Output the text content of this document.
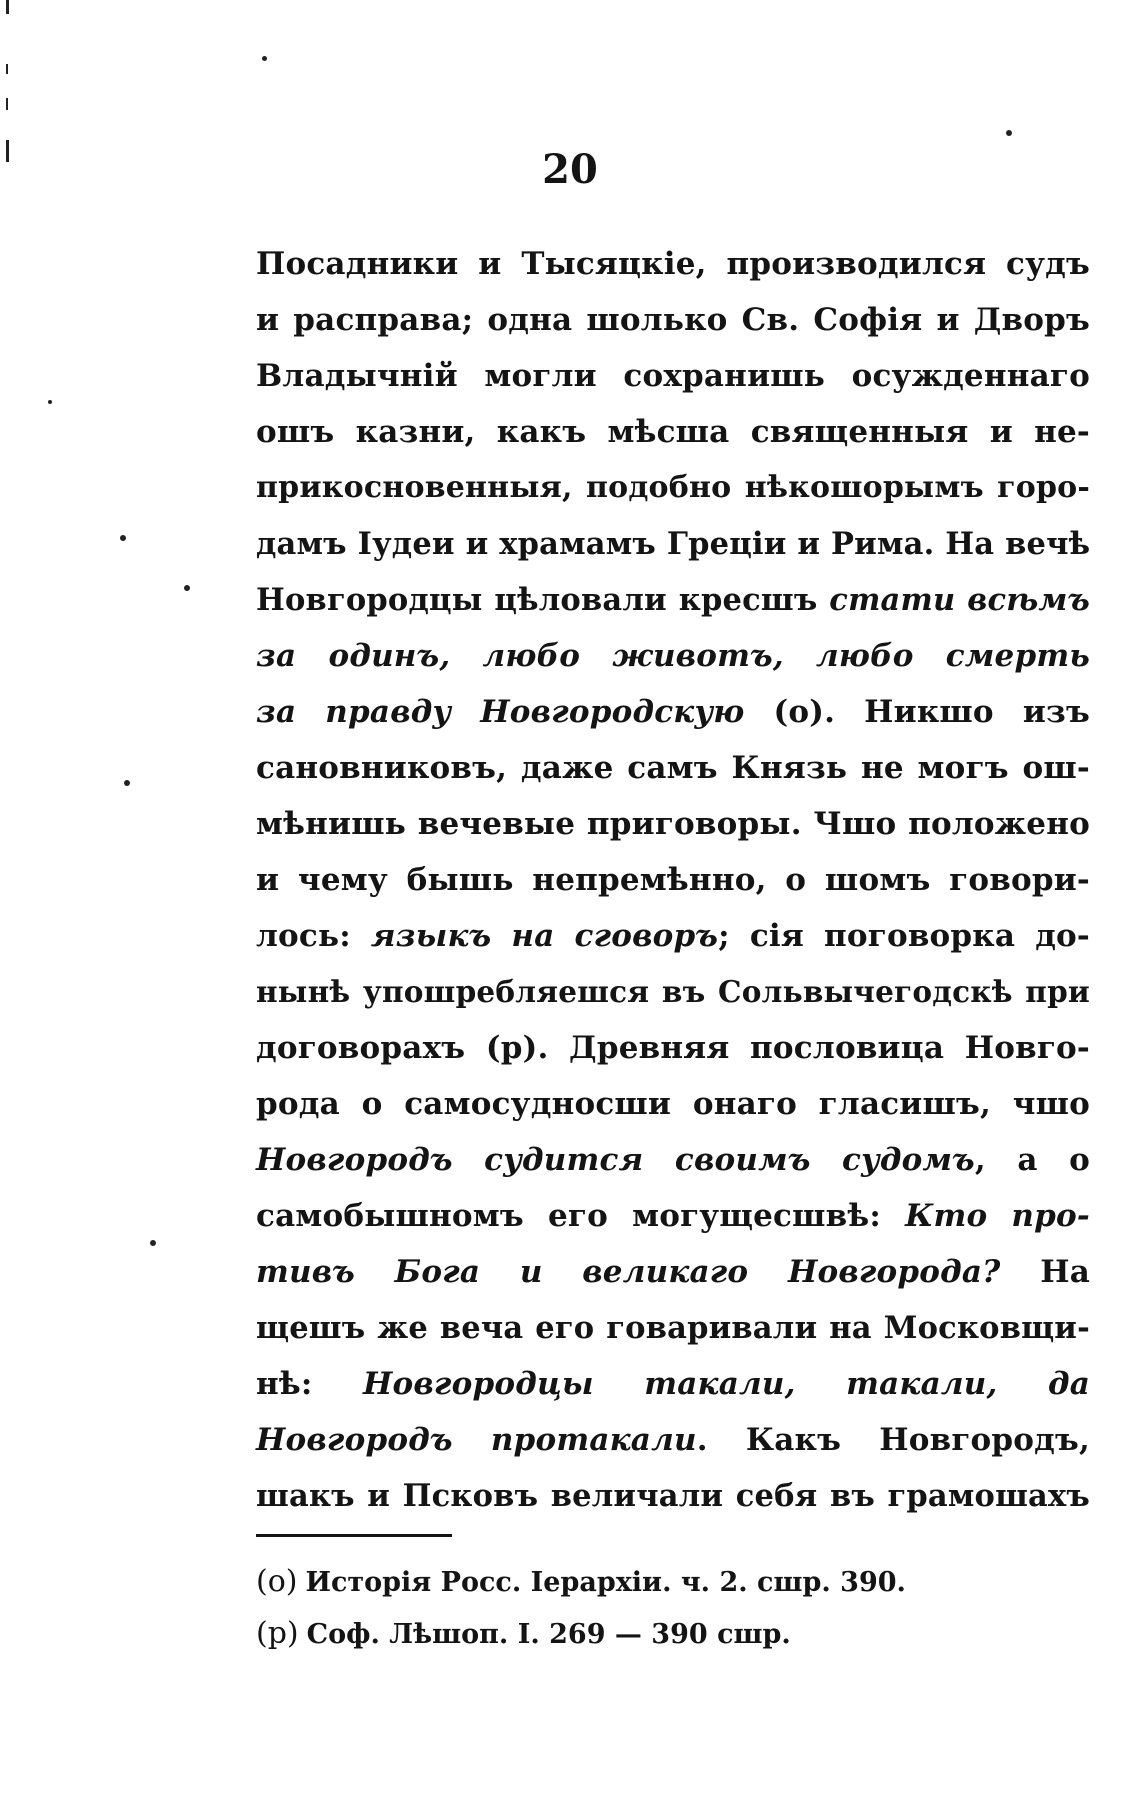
20
Посадники и Тысяцкіе, производился судъ
и расправа; одна шолько Св. Софія и Дворъ
Владычній могли сохранишь осужденнаго
ошъ казни, какъ мѣсша священныя и не-
прикосновенныя, подобно нѣкошорымъ горо-
дамъ Іудеи и храмамъ Греціи и Рима. На вечѣ
Новгородцы цѣловали кресшъ стати всѣмъ
за одинъ, любо животъ, любо смерть
за правду Новгородскую (о). Никшо изъ
сановниковъ, даже самъ Князь не могъ ош-
мѣнишь вечевые приговоры. Чшо положено
и чему бышь непремѣнно, о шомъ говори-
лось: языкъ на сговоръ; сія поговорка до-
нынѣ упошребляешся въ Сольвычегодскѣ при
договорахъ (р). Древняя пословица Новго-
рода о самосудносши онаго гласишъ, чшо
Новгородъ судится своимъ судомъ, а о
самобышномъ его могущесшвѣ: Кто про-
тивъ Бога и великаго Новгорода? На
щешъ же веча его говаривали на Московщи-
нѣ: Новгородцы такали, такали, да
Новгородъ протакали. Какъ Новгородъ,
шакъ и Псковъ величали себя въ грамошахъ
(о) Исторія Росс. Іерархіи. ч. 2. сшр. 390.
(р) Соф. Лѣшоп. I. 269 — 390 сшр.
